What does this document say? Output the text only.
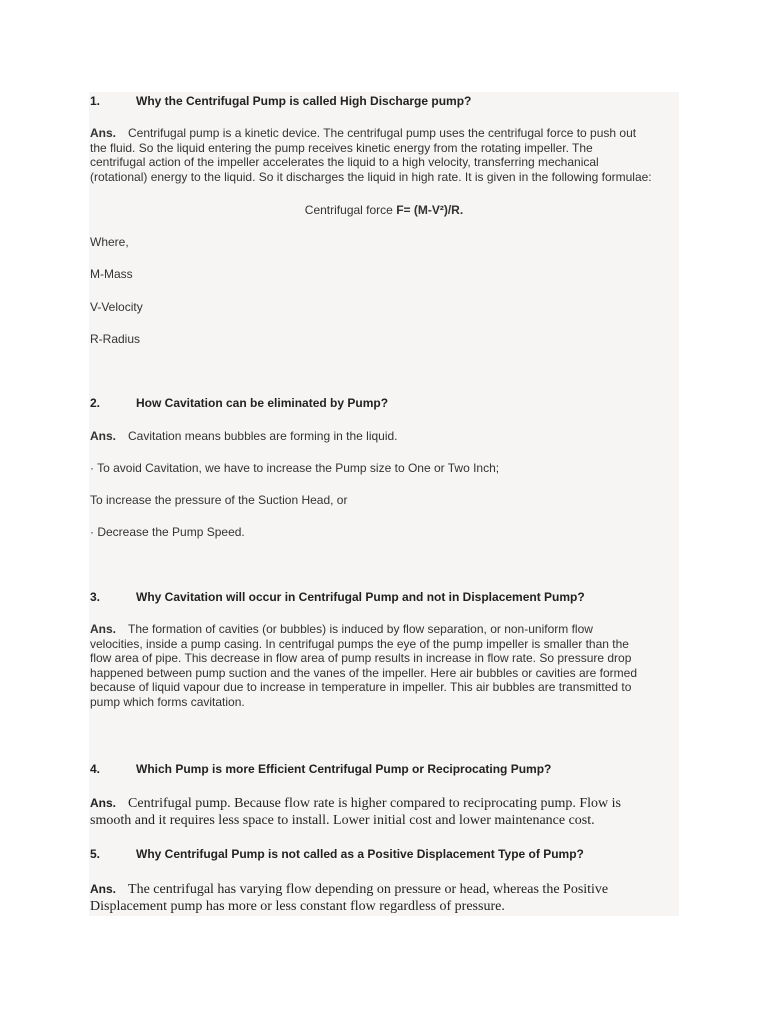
1.	Why the Centrifugal Pump is called High Discharge pump?
Ans. Centrifugal pump is a kinetic device. The centrifugal pump uses the centrifugal force to push out
the fluid. So the liquid entering the pump receives kinetic energy from the rotating impeller. The
centrifugal action of the impeller accelerates the liquid to a high velocity, transferring mechanical
(rotational) energy to the liquid. So it discharges the liquid in high rate. It is given in the following formulae:
Centrifugal force F= (M-V²)/R.
Where,
M-Mass
V-Velocity
R-Radius
2.	How Cavitation can be eliminated by Pump?
Ans. Cavitation means bubbles are forming in the liquid.
· To avoid Cavitation, we have to increase the Pump size to One or Two Inch;
To increase the pressure of the Suction Head, or
· Decrease the Pump Speed.
3.	Why Cavitation will occur in Centrifugal Pump and not in Displacement Pump?
Ans. The formation of cavities (or bubbles) is induced by flow separation, or non-uniform flow
velocities, inside a pump casing. In centrifugal pumps the eye of the pump impeller is smaller than the
flow area of pipe. This decrease in flow area of pump results in increase in flow rate. So pressure drop
happened between pump suction and the vanes of the impeller. Here air bubbles or cavities are formed
because of liquid vapour due to increase in temperature in impeller. This air bubbles are transmitted to
pump which forms cavitation.
4.	Which Pump is more Efficient Centrifugal Pump or Reciprocating Pump?
Ans. Centrifugal pump. Because flow rate is higher compared to reciprocating pump. Flow is
smooth and it requires less space to install. Lower initial cost and lower maintenance cost.
5.	Why Centrifugal Pump is not called as a Positive Displacement Type of Pump?
Ans. The centrifugal has varying flow depending on pressure or head, whereas the Positive
Displacement pump has more or less constant flow regardless of pressure.
